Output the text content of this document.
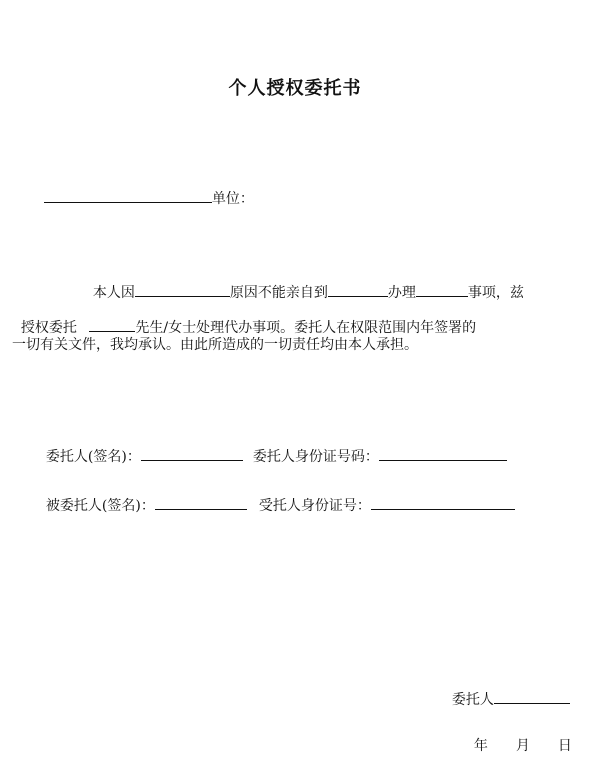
个人授权委托书

单位：

本人因	原因不能亲自到	办理	事项，兹

授权委托	先生/女士处理代办事项。委托人在权限范围内年签署的

一切有关文件，我均承认。由此所造成的一切责任均由本人承担。

委托人(签名)：	委托人身份证号码：

被委托人(签名)：	受托人身份证号：

委托人

年 月 日
